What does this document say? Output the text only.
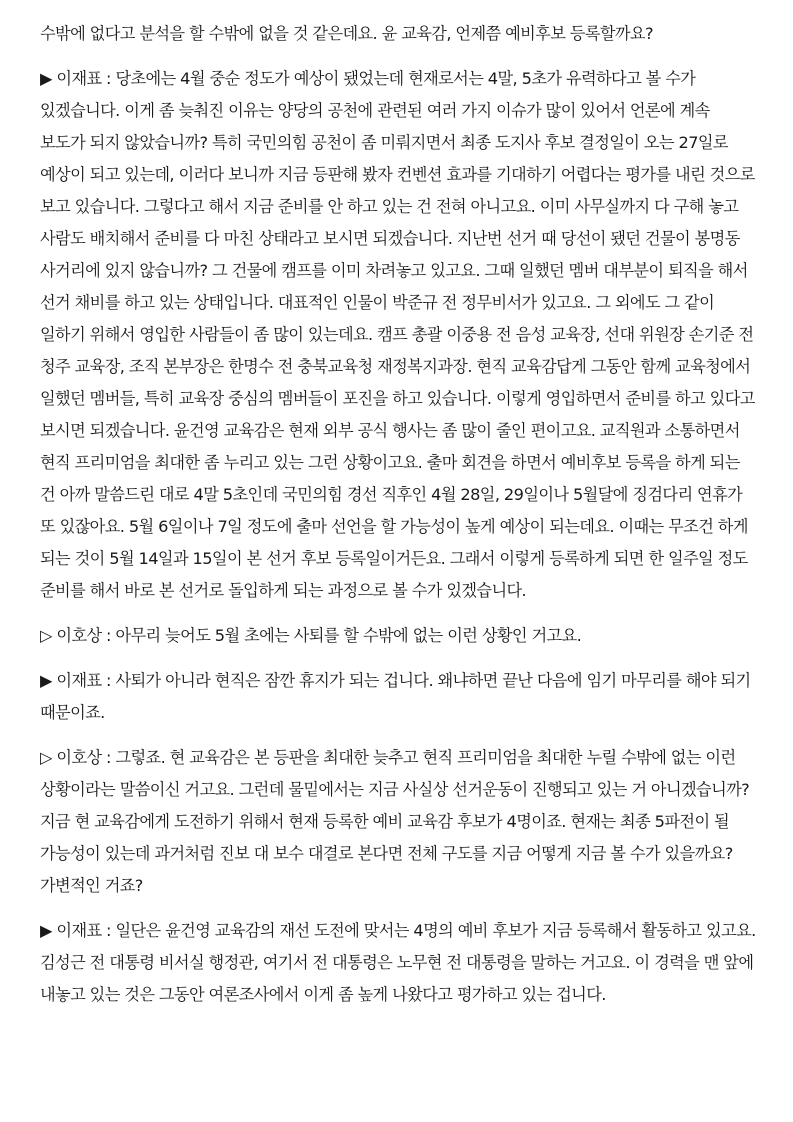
수밖에 없다고 분석을 할 수밖에 없을 것 같은데요. 윤 교육감, 언제쯤 예비후보 등록할까요?

▶ 이재표 : 당초에는 4월 중순 정도가 예상이 됐었는데 현재로서는 4말, 5초가 유력하다고 볼 수가 있겠습니다. 이게 좀 늦춰진 이유는 양당의 공천에 관련된 여러 가지 이슈가 많이 있어서 언론에 계속 보도가 되지 않았습니까? 특히 국민의힘 공천이 좀 미뤄지면서 최종 도지사 후보 결정일이 오는 27일로 예상이 되고 있는데, 이러다 보니까 지금 등판해 봤자 컨벤션 효과를 기대하기 어렵다는 평가를 내린 것으로 보고 있습니다. 그렇다고 해서 지금 준비를 안 하고 있는 건 전혀 아니고요. 이미 사무실까지 다 구해 놓고 사람도 배치해서 준비를 다 마친 상태라고 보시면 되겠습니다. 지난번 선거 때 당선이 됐던 건물이 봉명동 사거리에 있지 않습니까? 그 건물에 캠프를 이미 차려놓고 있고요. 그때 일했던 멤버 대부분이 퇴직을 해서 선거 채비를 하고 있는 상태입니다. 대표적인 인물이 박준규 전 정무비서가 있고요. 그 외에도 그 같이 일하기 위해서 영입한 사람들이 좀 많이 있는데요. 캠프 총괄 이중용 전 음성 교육장, 선대 위원장 손기준 전 청주 교육장, 조직 본부장은 한명수 전 충북교육청 재정복지과장. 현직 교육감답게 그동안 함께 교육청에서 일했던 멤버들, 특히 교육장 중심의 멤버들이 포진을 하고 있습니다. 이렇게 영입하면서 준비를 하고 있다고 보시면 되겠습니다. 윤건영 교육감은 현재 외부 공식 행사는 좀 많이 줄인 편이고요. 교직원과 소통하면서 현직 프리미엄을 최대한 좀 누리고 있는 그런 상황이고요. 출마 회견을 하면서 예비후보 등록을 하게 되는 건 아까 말씀드린 대로 4말 5초인데 국민의힘 경선 직후인 4월 28일, 29일이나 5월달에 징검다리 연휴가 또 있잖아요. 5월 6일이나 7일 정도에 출마 선언을 할 가능성이 높게 예상이 되는데요. 이때는 무조건 하게 되는 것이 5월 14일과 15일이 본 선거 후보 등록일이거든요. 그래서 이렇게 등록하게 되면 한 일주일 정도 준비를 해서 바로 본 선거로 돌입하게 되는 과정으로 볼 수가 있겠습니다.

▷ 이호상 : 아무리 늦어도 5월 초에는 사퇴를 할 수밖에 없는 이런 상황인 거고요.

▶ 이재표 : 사퇴가 아니라 현직은 잠깐 휴지가 되는 겁니다. 왜냐하면 끝난 다음에 임기 마무리를 해야 되기 때문이죠.

▷ 이호상 : 그렇죠. 현 교육감은 본 등판을 최대한 늦추고 현직 프리미엄을 최대한 누릴 수밖에 없는 이런 상황이라는 말씀이신 거고요. 그런데 물밑에서는 지금 사실상 선거운동이 진행되고 있는 거 아니겠습니까? 지금 현 교육감에게 도전하기 위해서 현재 등록한 예비 교육감 후보가 4명이죠. 현재는 최종 5파전이 될 가능성이 있는데 과거처럼 진보 대 보수 대결로 본다면 전체 구도를 지금 어떻게 지금 볼 수가 있을까요? 가변적인 거죠?

▶ 이재표 : 일단은 윤건영 교육감의 재선 도전에 맞서는 4명의 예비 후보가 지금 등록해서 활동하고 있고요. 김성근 전 대통령 비서실 행정관, 여기서 전 대통령은 노무현 전 대통령을 말하는 거고요. 이 경력을 맨 앞에 내놓고 있는 것은 그동안 여론조사에서 이게 좀 높게 나왔다고 평가하고 있는 겁니다.
